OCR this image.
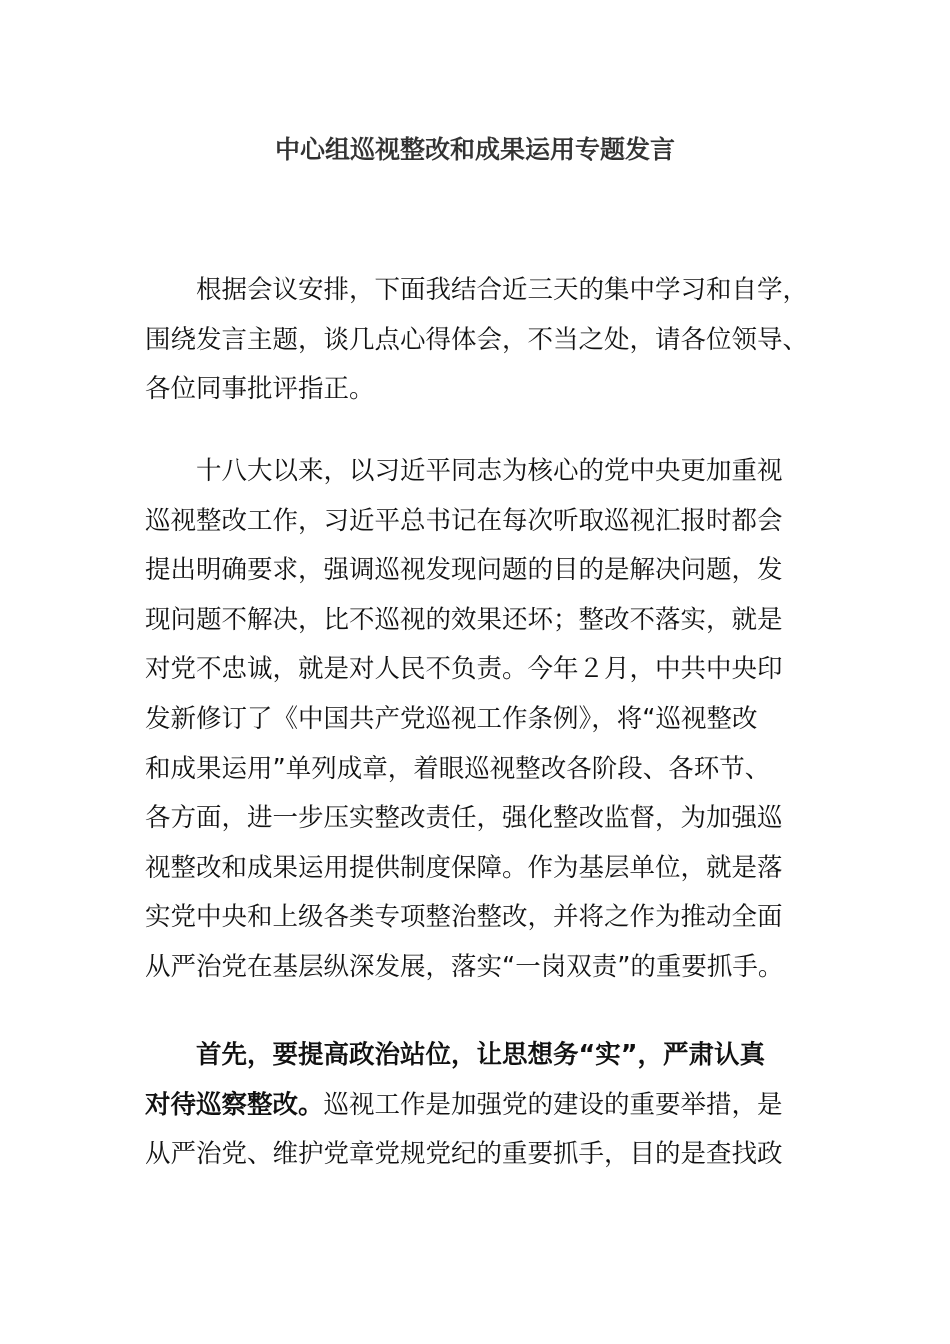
中心组巡视整改和成果运用专题发言
根据会议安排，下面我结合近三天的集中学习和自学，
围绕发言主题，谈几点心得体会，不当之处，请各位领导、
各位同事批评指正。
十八大以来，以习近平同志为核心的党中央更加重视
巡视整改工作，习近平总书记在每次听取巡视汇报时都会
提出明确要求，强调巡视发现问题的目的是解决问题，发
现问题不解决，比不巡视的效果还坏；整改不落实，就是
对党不忠诚，就是对人民不负责。今年２月，中共中央印
发新修订了《中国共产党巡视工作条例》，将“巡视整改
和成果运用”单列成章，着眼巡视整改各阶段、各环节、
各方面，进一步压实整改责任，强化整改监督，为加强巡
视整改和成果运用提供制度保障。作为基层单位，就是落
实党中央和上级各类专项整治整改，并将之作为推动全面
从严治党在基层纵深发展，落实“一岗双责”的重要抓手。
首先，要提高政治站位，让思想务“实”，严肃认真
对待巡察整改。巡视工作是加强党的建设的重要举措，是
从严治党、维护党章党规党纪的重要抓手，目的是查找政
